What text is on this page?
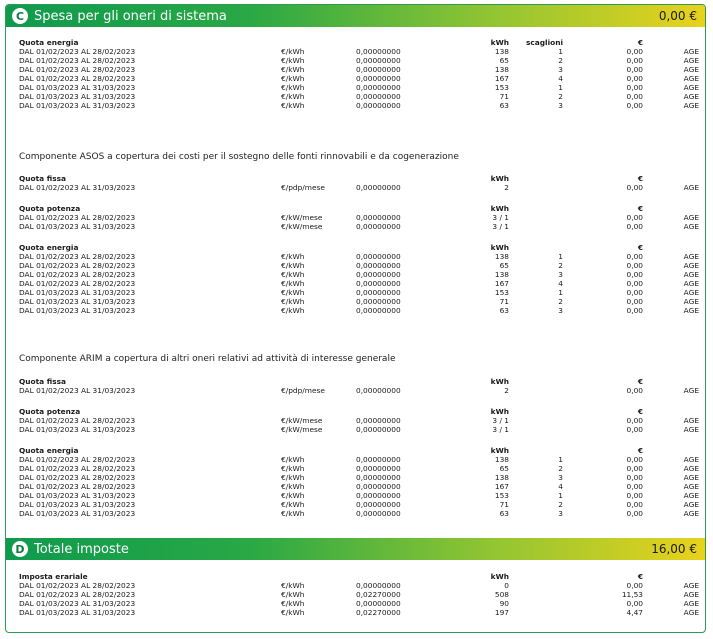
C Spesa per gli oneri di sistema	0,00 €
Quota energia	kWh	scaglioni	€
DAL 01/02/2023 AL 28/02/2023	€/kWh	0,00000000	138	1	0,00	AGE
DAL 01/02/2023 AL 28/02/2023	€/kWh	0,00000000	65	2	0,00	AGE
DAL 01/02/2023 AL 28/02/2023	€/kWh	0,00000000	138	3	0,00	AGE
DAL 01/02/2023 AL 28/02/2023	€/kWh	0,00000000	167	4	0,00	AGE
DAL 01/03/2023 AL 31/03/2023	€/kWh	0,00000000	153	1	0,00	AGE
DAL 01/03/2023 AL 31/03/2023	€/kWh	0,00000000	71	2	0,00	AGE
DAL 01/03/2023 AL 31/03/2023	€/kWh	0,00000000	63	3	0,00	AGE
Componente ASOS a copertura dei costi per il sostegno delle fonti rinnovabili e da cogenerazione
Quota fissa	kWh	€
DAL 01/02/2023 AL 31/03/2023	€/pdp/mese	0,00000000	2	0,00	AGE
Quota potenza	kWh	€
DAL 01/02/2023 AL 28/02/2023	€/kW/mese	0,00000000	3 / 1	0,00	AGE
DAL 01/03/2023 AL 31/03/2023	€/kW/mese	0,00000000	3 / 1	0,00	AGE
Quota energia	kWh	€
DAL 01/02/2023 AL 28/02/2023	€/kWh	0,00000000	138	1	0,00	AGE
DAL 01/02/2023 AL 28/02/2023	€/kWh	0,00000000	65	2	0,00	AGE
DAL 01/02/2023 AL 28/02/2023	€/kWh	0,00000000	138	3	0,00	AGE
DAL 01/02/2023 AL 28/02/2023	€/kWh	0,00000000	167	4	0,00	AGE
DAL 01/03/2023 AL 31/03/2023	€/kWh	0,00000000	153	1	0,00	AGE
DAL 01/03/2023 AL 31/03/2023	€/kWh	0,00000000	71	2	0,00	AGE
DAL 01/03/2023 AL 31/03/2023	€/kWh	0,00000000	63	3	0,00	AGE
Componente ARIM a copertura di altri oneri relativi ad attività di interesse generale
Quota fissa	kWh	€
DAL 01/02/2023 AL 31/03/2023	€/pdp/mese	0,00000000	2	0,00	AGE
Quota potenza	kWh	€
DAL 01/02/2023 AL 28/02/2023	€/kW/mese	0,00000000	3 / 1	0,00	AGE
DAL 01/03/2023 AL 31/03/2023	€/kW/mese	0,00000000	3 / 1	0,00	AGE
Quota energia	kWh	€
DAL 01/02/2023 AL 28/02/2023	€/kWh	0,00000000	138	1	0,00	AGE
DAL 01/02/2023 AL 28/02/2023	€/kWh	0,00000000	65	2	0,00	AGE
DAL 01/02/2023 AL 28/02/2023	€/kWh	0,00000000	138	3	0,00	AGE
DAL 01/02/2023 AL 28/02/2023	€/kWh	0,00000000	167	4	0,00	AGE
DAL 01/03/2023 AL 31/03/2023	€/kWh	0,00000000	153	1	0,00	AGE
DAL 01/03/2023 AL 31/03/2023	€/kWh	0,00000000	71	2	0,00	AGE
DAL 01/03/2023 AL 31/03/2023	€/kWh	0,00000000	63	3	0,00	AGE
D Totale imposte	16,00 €
Imposta erariale	kWh	€
DAL 01/02/2023 AL 28/02/2023	€/kWh	0,00000000	0	0,00	AGE
DAL 01/02/2023 AL 28/02/2023	€/kWh	0,02270000	508	11,53	AGE
DAL 01/03/2023 AL 31/03/2023	€/kWh	0,00000000	90	0,00	AGE
DAL 01/03/2023 AL 31/03/2023	€/kWh	0,02270000	197	4,47	AGE
